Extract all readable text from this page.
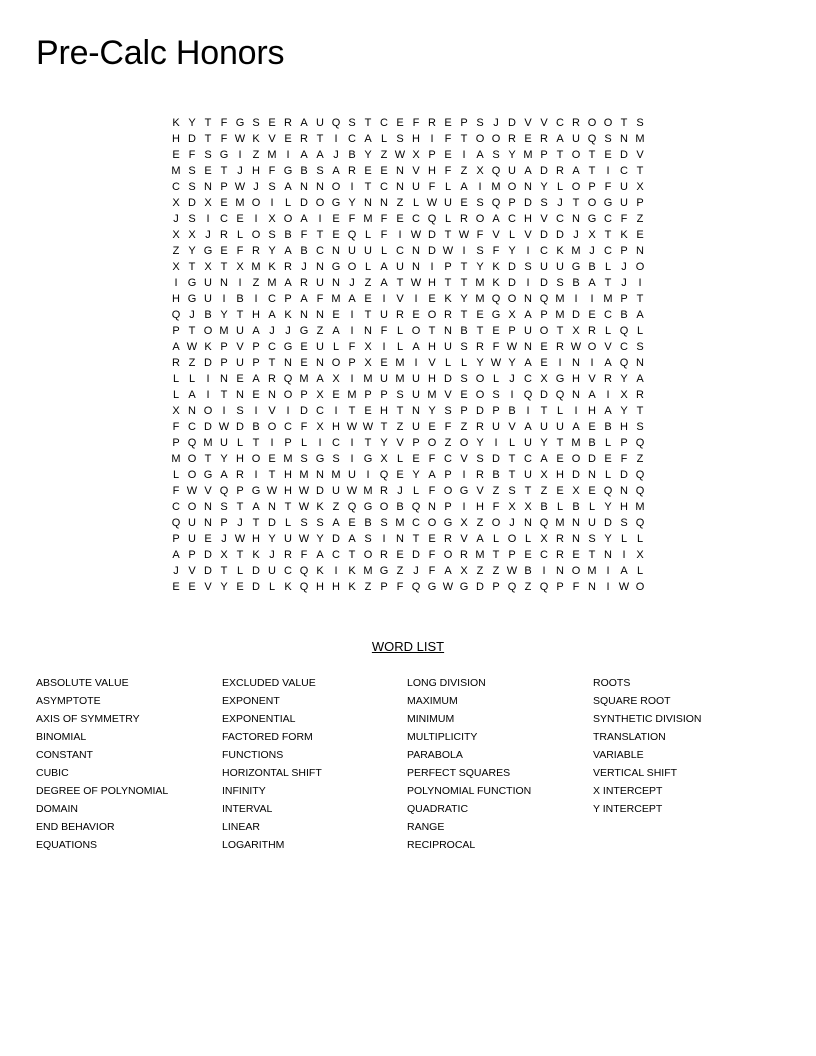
Pre-Calc Honors
K Y T F G S E R A U Q S T C E F R E P S J D V V C R O O T S
H D T F W K V E R T	I C A L S H I	F T O O R E R A U Q S N M
E F S G I	Z M I A A J B Y Z W X P E I A S Y M P T O T E D V
M S E T J H F G B S A R E E N V H F Z X Q U A D R A T	I C T
C S N P W J S A N N O I	T C N U F L A I M O N Y L O P F U X
X D X E M O I	L D O G Y N N Z L W U E S Q P D S J T O G U P
J S I C E I X O A I E F M F E C Q L R O A C H V C N G C F Z
X X J R L O S B F T E Q L F	I W D T W F V L V D D J X T K E
Z Y G E F R Y A B C N U U L C N D W I S F Y I C K M J C P N
X T X T X M K R J N G O L A U N I P T Y K D S U U G B L J O
I G U N I	Z M A R U N J Z A T W H T T M K D I D S B A T J	I
H G U I B I C P A F M A E I V I E K Y M Q O N Q M I	I M P T
Q J B Y T H A K N N E I	T U R E O R T E G X A P M D E C B A
P T O M U A J J G Z A I N F L O T N B T E P U O T X R L Q L
A W K P V P C G E U L F X I	L A H U S R F W N E R W O V C S
R Z D P U P T N E N O P X E M I V L L Y W Y A E I N I A Q N
L L	I N E A R Q M A X I M U M U H D S O L J C X G H V R Y A
L A I	T N E N O P X E M P P S U M V E O S I Q D Q N A I X R
X N O I S I V I D C I	T E H T N Y S P D P B I	T L	I H A Y T
F C D W D B O C F X H W W T Z U E F Z R U V A U U A E B H S
P Q M U L T	I P L	I C I	T Y V P O Z O Y I	L U Y T M B L P Q
M O T Y H O E M S G S I G X L E F C V S D T C A E O D E F Z
L O G A R I	T H M N M U I Q E Y A P I R B T U X H D N L D Q
F W V Q P G W H W D U W M R J L F O G V Z S T Z E X E Q N Q
C O N S T A N T W K Z Q G O B Q N P I H F X X B L B L Y H M
Q U N P J T D L S S A E B S M C O G X Z O J N Q M N U D S Q
P U E J W H Y U W Y D A S I N T E R V A L O L X R N S Y L L
A P D X T K J R F A C T O R E D F O R M T P E C R E T N I X
J V D T L D U C Q K I K M G Z J F A X Z Z W B I N O M I A L
E E V Y E D L K Q H H K Z P F Q G W G D P Q Z Q P F N I W O
WORD LIST
ABSOLUTE VALUE
ASYMPTOTE
AXIS OF SYMMETRY
BINOMIAL
CONSTANT
CUBIC
DEGREE OF POLYNOMIAL
DOMAIN
END BEHAVIOR
EQUATIONS
EXCLUDED VALUE
EXPONENT
EXPONENTIAL
FACTORED FORM
FUNCTIONS
HORIZONTAL SHIFT
INFINITY
INTERVAL
LINEAR
LOGARITHM
LONG DIVISION
MAXIMUM
MINIMUM
MULTIPLICITY
PARABOLA
PERFECT SQUARES
POLYNOMIAL FUNCTION
QUADRATIC
RANGE
RECIPROCAL
ROOTS
SQUARE ROOT
SYNTHETIC DIVISION
TRANSLATION
VARIABLE
VERTICAL SHIFT
X INTERCEPT
Y INTERCEPT
